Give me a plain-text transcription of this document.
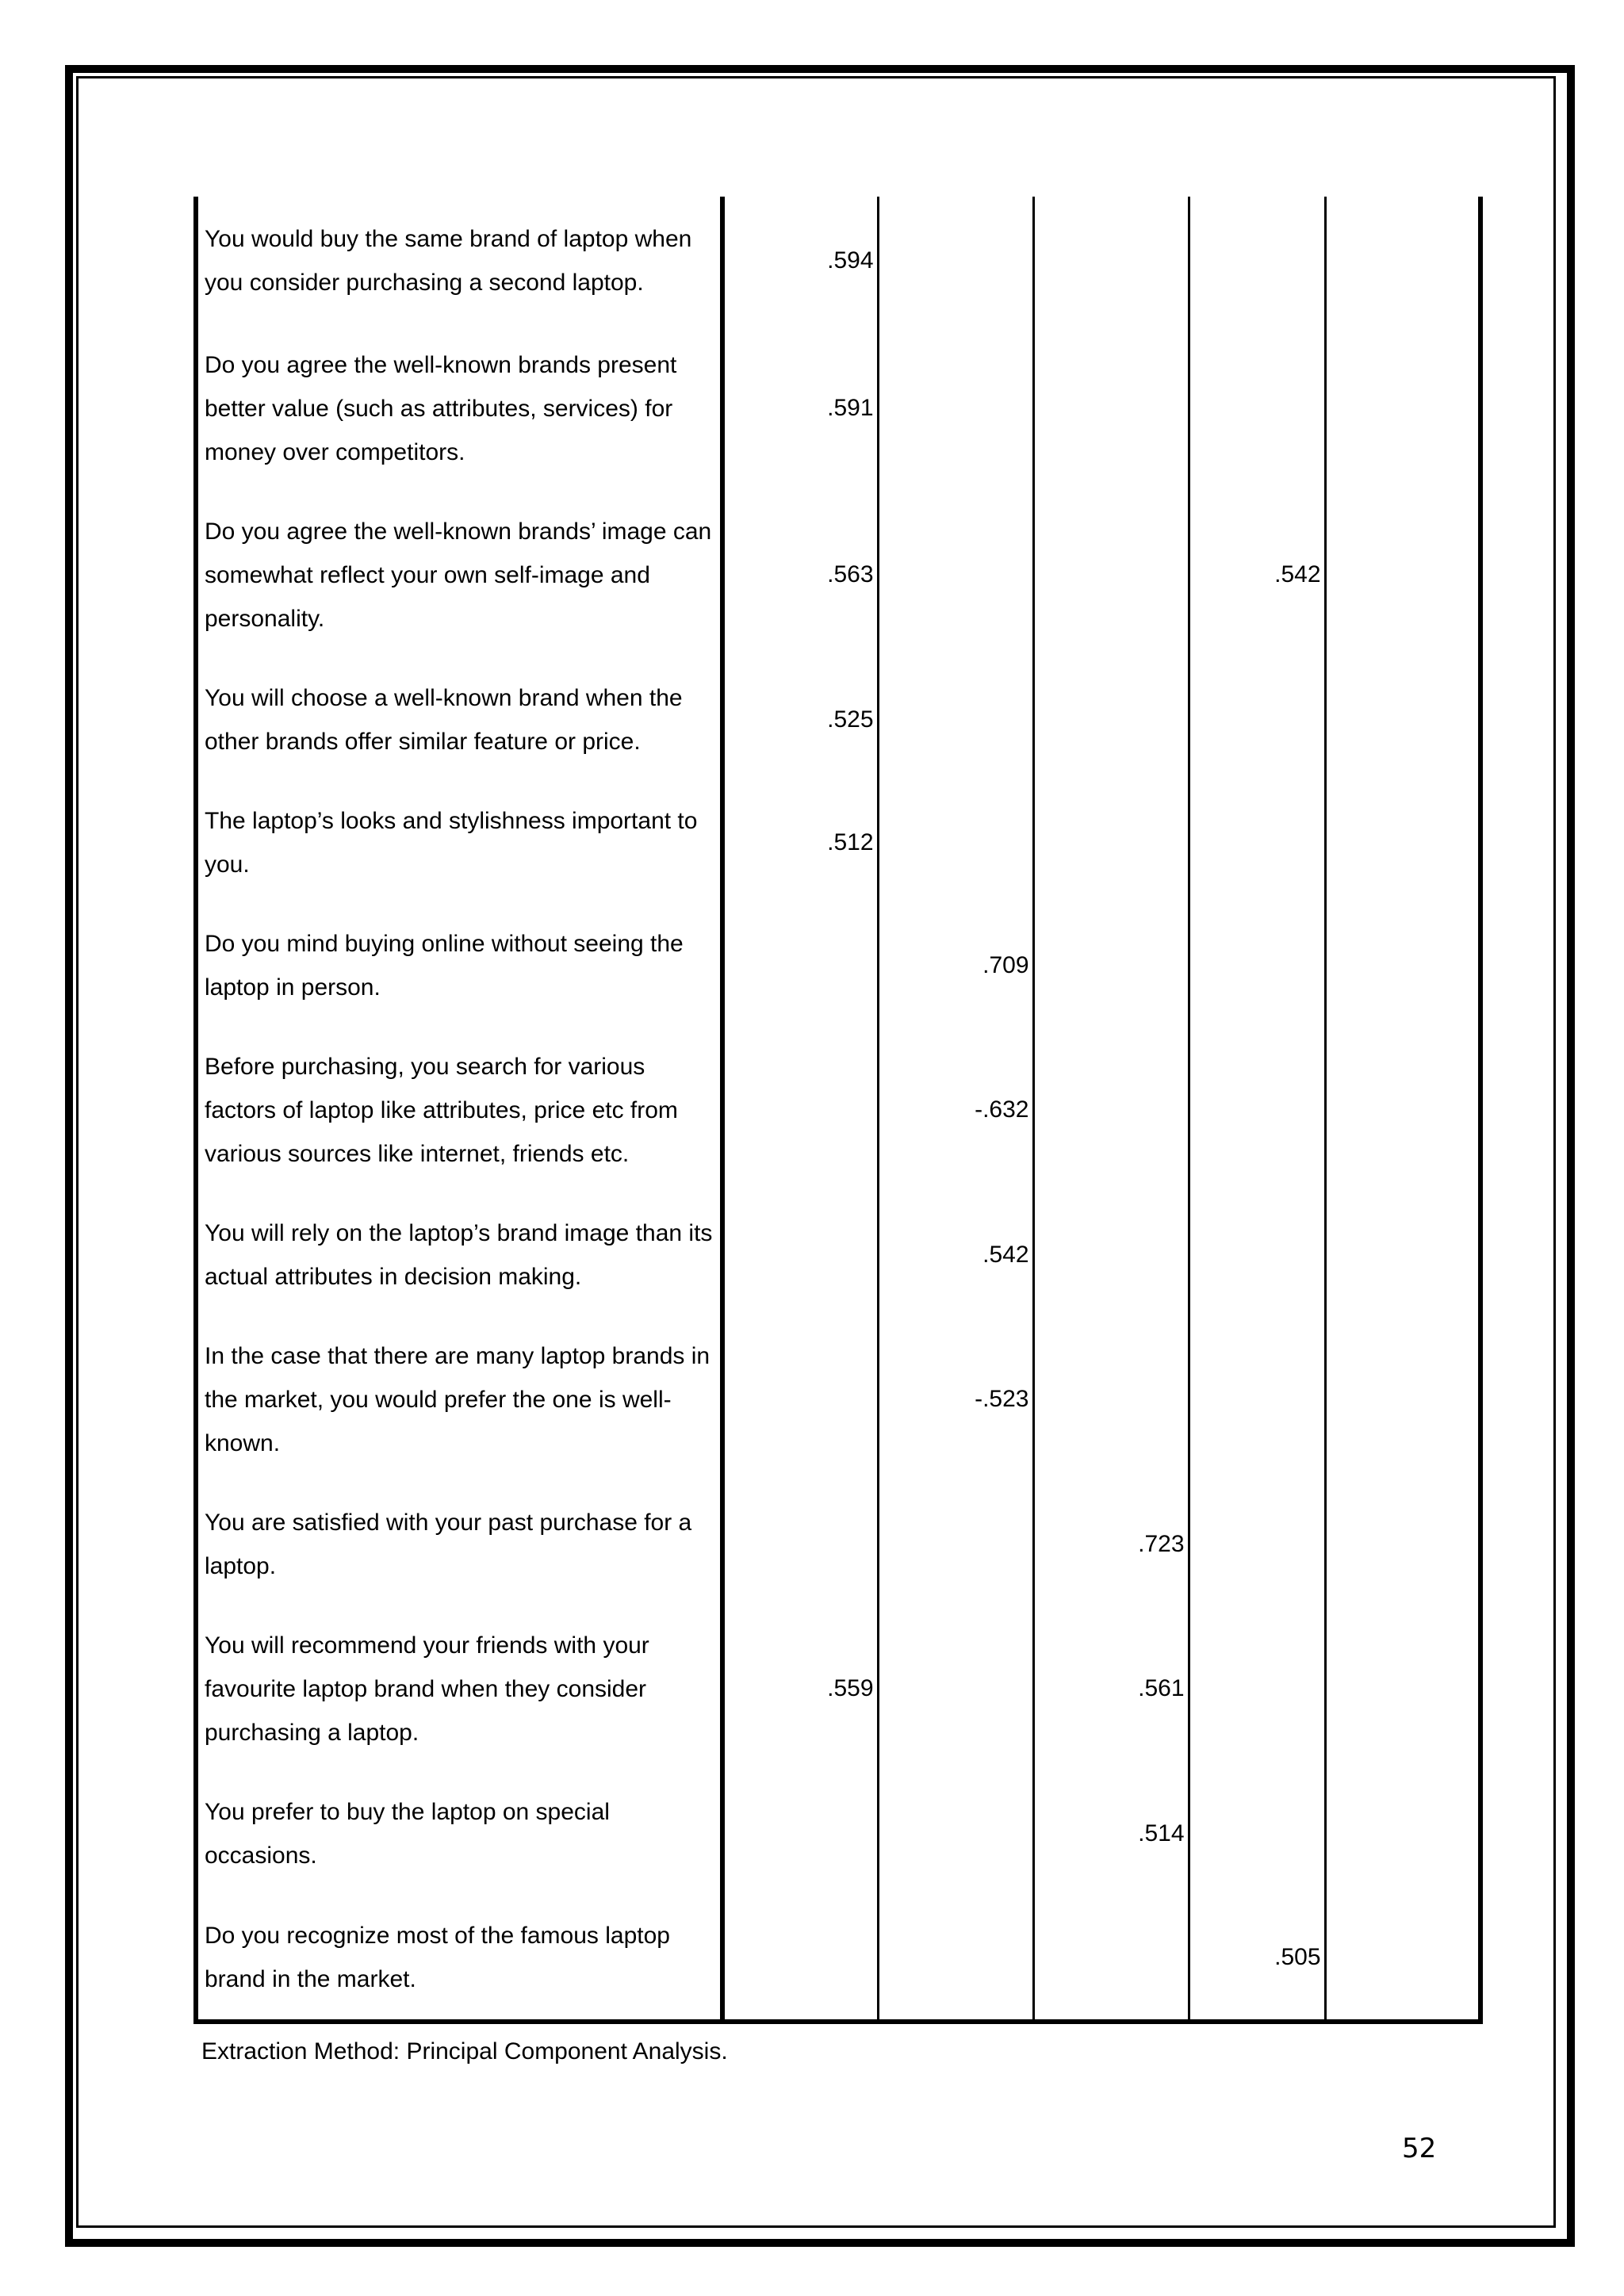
You would buy the same brand of laptop when you consider purchasing a second laptop.	.594				
Do you agree the well-known brands present better value (such as attributes, services) for money over competitors.	.591				
Do you agree the well-known brands’ image can somewhat reflect your own self-image and personality.	.563			.542	
You will choose a well-known brand when the other brands offer similar feature or price.	.525				
The laptop’s looks and stylishness important to you.	.512				
Do you mind buying online without seeing the laptop in person.		.709			
Before purchasing, you search for various factors of laptop like attributes, price etc from various sources like internet, friends etc.		-.632			
You will rely on the laptop’s brand image than its actual attributes in decision making.		.542			
In the case that there are many laptop brands in the market, you would prefer the one is well-known.		-.523			
You are satisfied with your past purchase for a laptop.			.723		
You will recommend your friends with your favourite laptop brand when they consider purchasing a laptop.	.559		.561		
You prefer to buy the laptop on special occasions.			.514		
Do you recognize most of the famous laptop brand in the market.				.505	
Extraction Method: Principal Component Analysis.
52
